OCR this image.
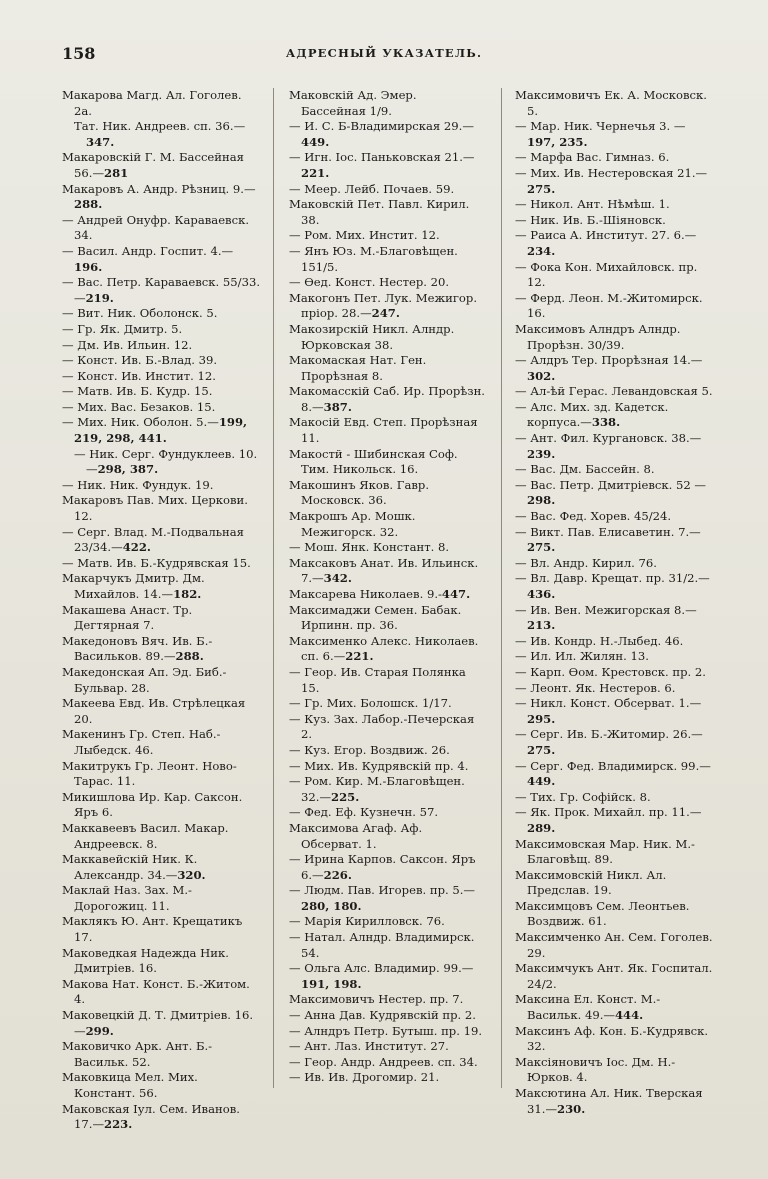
158	АДРЕСНЫЙ УКАЗАТЕЛЬ.

Макарова Магд. Ал. Гоголев. 2а.

Тат. Ник. Андреев. сп. 36.—347.

Макаровскій Г. М. Бассейная 56.—281

Макаровъ А. Андр. Рѣзниц. 9.—288.

— Андрей Онуфр. Караваевск. 34.

— Васил. Андр. Госпит. 4.—196.

— Вас. Петр. Караваевск. 55/33.—219.

— Вит. Ник. Оболонск. 5.

— Гр. Як. Дмитр. 5.

— Дм. Ив. Ильин. 12.

— Конст. Ив. Б.-Влад. 39.

— Конст. Ив. Инстит. 12.

— Матв. Ив. Б. Кудр. 15.

— Мих. Вас. Безаков. 15.

— Мих. Ник. Оболон. 5.—199, 219, 298, 441.

— Ник. Серг. Фундуклеев. 10.—298, 387.

— Ник. Ник. Фундук. 19.

Макаровъ Пав. Мих. Церкови. 12.

— Серг. Влад. М.-Подвальная 23/34.—422.

— Матв. Ив. Б.-Кудрявская 15.

Макарчукъ Дмитр. Дм. Михайлов. 14.—182.

Макашева Анаст. Тр. Дегтярная 7.

Македоновъ Вяч. Ив. Б.-Васильков. 89.—288.

Македонская Ап. Эд. Биб.-Бульвар. 28.

Макеева Евд. Ив. Стрѣлецкая 20.

Макенинъ Гр. Степ. Наб.-Лыбедск. 46.

Макитрукъ Гр. Леонт. Ново-Тарас. 11.

Микишлова Ир. Кар. Саксон. Яръ 6.

Маккавеевъ Васил. Макар. Андреевск. 8.

Маккавейскій Ник. К. Александр. 34.—320.

Маклай Наз. Зах. М.-Дорогожиц. 11.

Маклякъ Ю. Ант. Крещатикъ 17.

Маковедкая Надежда Ник. Дмитріев. 16.

Макова Нат. Конст. Б.-Житом. 4.

Маковецкій Д. Т. Дмитріев. 16.—299.

Маковичко Арк. Ант. Б.-Васильк. 52.

Маковкица Мел. Мих. Констант. 56.

Маковская Іул. Сем. Иванов. 17.—223.

Маковскій Ад. Эмер. Бассейная 1/9.

— И. С. Б-Владимирская 29.—449.

— Игн. Іос. Паньковская 21.—221.

— Меер. Лейб. Почаев. 59.

Маковскій Пет. Павл. Кирил. 38.

— Ром. Мих. Инстит. 12.

— Янъ Юз. М.-Благовѣщен. 151/5.

— Ѳед. Конст. Нестер. 20.

Макогонъ Пет. Лук. Межигор. пріор. 28.—247.

Макозирскій Никл. Алндр. Юрковская 38.

Макомаская Нат. Ген. Прорѣзная 8.

Макомасскій Саб. Ир. Прорѣзн. 8.—387.

Макосій Евд. Степ. Прорѣзная 11.

Макостй - Шибинская Соф. Тим. Никольск. 16.

Макошинъ Яков. Гавр. Московск. 36.

Макрошъ Ар. Мошк. Межигорск. 32.

— Мош. Янк. Констант. 8.

Максаковъ Анат. Ив. Ильинск. 7.—342.

Максарева Николаев. 9.-447.

Максимаджи Семен. Бабак. Ирпинн. пр. 36.

Максименко Алекс. Николаев. сп. 6.—221.

— Геор. Ив. Старая Полянка 15.

— Гр. Мих. Болошск. 1/17.

— Куз. Зах. Лабор.-Печерская 2.

— Куз. Егор. Воздвиж. 26.

— Мих. Ив. Кудрявскій пр. 4.

— Ром. Кир. М.-Благовѣщен. 32.—225.

— Фед. Еф. Кузнечн. 57.

Максимова Агаф. Аф. Обсерват. 1.

— Ирина Карпов. Саксон. Яръ 6.—226.

— Людм. Пав. Игорев. пр. 5.—280, 180.

— Марія Кирилловск. 76.

— Натал. Алндр. Владимирск. 54.

— Ольга Алс. Владимир. 99.—191, 198.

Максимовичъ Нестер. пр. 7.

— Анна Дав. Кудрявскій пр. 2.

— Алндръ Петр. Бутыш. пр. 19.

— Ант. Лаз. Институт. 27.

— Геор. Андр. Андреев. сп. 34.

— Ив. Ив. Дрогомир. 21.

Максимовичъ Ек. А. Московск. 5.

— Мар. Ник. Чернечья 3. —197, 235.

— Марфа Вас. Гимназ. 6.

— Мих. Ив. Нестеровская 21.—275.

— Никол. Ант. Нѣмѣш. 1.

— Ник. Ив. Б.-Шіяновск.

— Раиса А. Институт. 27. 6.—234.

— Фока Кон. Михайловск. пр. 12.

— Ферд. Леон. М.-Житомирск. 16.

Максимовъ Алндръ Алндр. Прорѣзн. 30/39.

— Алдръ Тер. Прорѣзная 14.—302.

— Ал-ѣй Герас. Левандовская 5.

— Алс. Мих. зд. Кадетск. корпуса.—338.

— Ант. Фил. Кургановск. 38.—239.

— Вас. Дм. Бассейн. 8.

— Вас. Петр. Дмитріевск. 52 —298.

— Вас. Фед. Хорев. 45/24.

— Викт. Пав. Елисаветин. 7.—275.

— Вл. Андр. Кирил. 76.

— Вл. Давр. Крещат. пр. 31/2.—436.

— Ив. Вен. Межигорская 8.—213.

— Ив. Кондр. Н.-Лыбед. 46.

— Ил. Ил. Жилян. 13.

— Карп. Ѳом. Крестовск. пр. 2.

— Леонт. Як. Нестеров. 6.

— Никл. Конст. Обсерват. 1.—295.

— Серг. Ив. Б.-Житомир. 26.—275.

— Серг. Фед. Владимирск. 99.—449.

— Тих. Гр. Софійск. 8.

— Як. Прок. Михайл. пр. 11.—289.

Максимовская Мар. Ник. М.-Благовѣщ. 89.

Максимовскій Никл. Ал. Предслав. 19.

Максимцовъ Сем. Леонтьев. Воздвиж. 61.

Максимченко Ан. Сем. Гоголев. 29.

Максимчукъ Ант. Як. Госпитал. 24/2.

Максина Ел. Конст. М.-Васильк. 49.—444.

Максинъ Аф. Кон. Б.-Кудрявск. 32.

Максіяновичъ Іос. Дм. Н.-Юрков. 4.

Максютина Ал. Ник. Тверская 31.—230.
